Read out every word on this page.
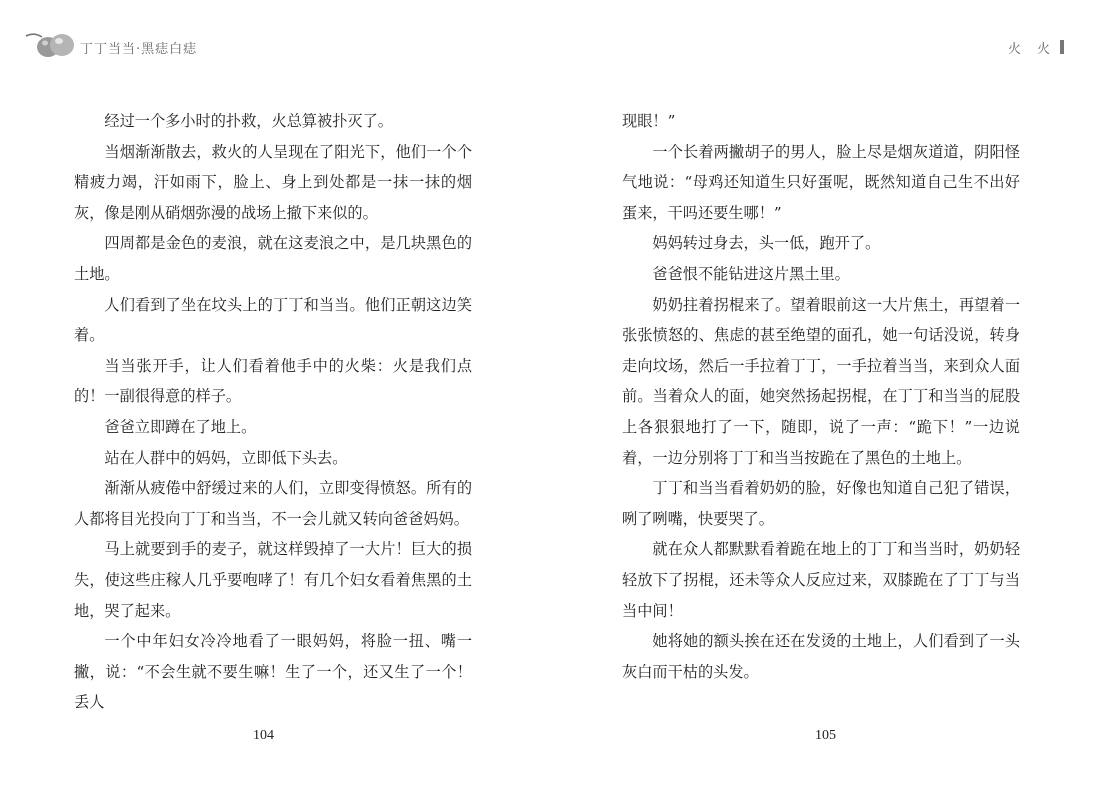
丁丁当当·黑痣白痣	火 火

经过一个多小时的扑救，火总算被扑灭了。

当烟渐渐散去，救火的人呈现在了阳光下，他们一个个精疲力竭，汗如雨下，脸上、身上到处都是一抹一抹的烟灰，像是刚从硝烟弥漫的战场上撤下来似的。

四周都是金色的麦浪，就在这麦浪之中，是几块黑色的土地。

人们看到了坐在坟头上的丁丁和当当。他们正朝这边笑着。

当当张开手，让人们看着他手中的火柴：火是我们点的！一副很得意的样子。

爸爸立即蹲在了地上。

站在人群中的妈妈，立即低下头去。

渐渐从疲倦中舒缓过来的人们，立即变得愤怒。所有的人都将目光投向丁丁和当当，不一会儿就又转向爸爸妈妈。

马上就要到手的麦子，就这样毁掉了一大片！巨大的损失，使这些庄稼人几乎要咆哮了！有几个妇女看着焦黑的土地，哭了起来。

一个中年妇女冷冷地看了一眼妈妈，将脸一扭、嘴一撇，说：“不会生就不要生嘛！生了一个，还又生了一个！丢人

现眼！”

一个长着两撇胡子的男人，脸上尽是烟灰道道，阴阳怪气地说：“母鸡还知道生只好蛋呢，既然知道自己生不出好蛋来，干吗还要生哪！”

妈妈转过身去，头一低，跑开了。

爸爸恨不能钻进这片黑土里。

奶奶拄着拐棍来了。望着眼前这一大片焦土，再望着一张张愤怒的、焦虑的甚至绝望的面孔，她一句话没说，转身走向坟场，然后一手拉着丁丁，一手拉着当当，来到众人面前。当着众人的面，她突然扬起拐棍，在丁丁和当当的屁股上各狠狠地打了一下，随即，说了一声：“跪下！”一边说着，一边分别将丁丁和当当按跪在了黑色的土地上。

丁丁和当当看着奶奶的脸，好像也知道自己犯了错误，咧了咧嘴，快要哭了。

就在众人都默默看着跪在地上的丁丁和当当时，奶奶轻轻放下了拐棍，还未等众人反应过来，双膝跪在了丁丁与当当中间！

她将她的额头挨在还在发烫的土地上，人们看到了一头灰白而干枯的头发。

104	105
